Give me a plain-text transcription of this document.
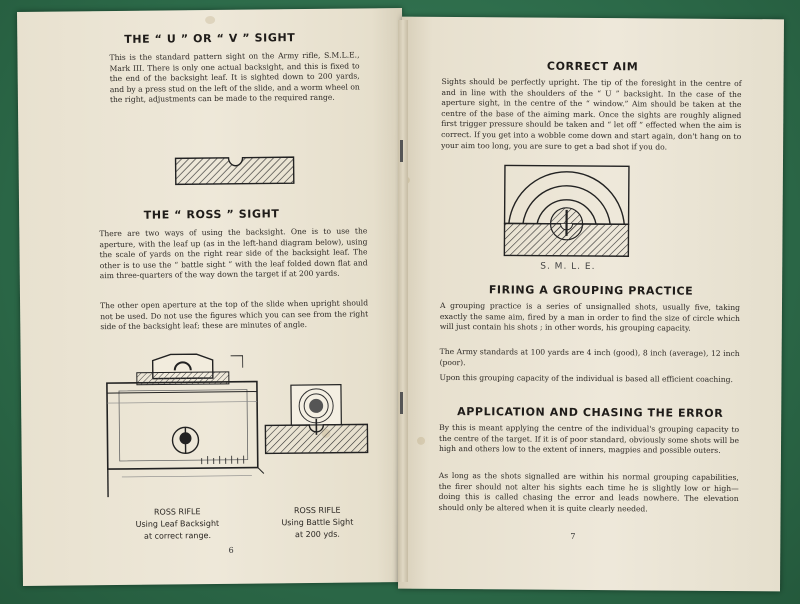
THE “ U ” OR “ V ” SIGHT

This is the standard pattern sight on the Army rifle, S.M.L.E., Mark III. There is only one actual backsight, and this is fixed to the end of the backsight leaf. It is sighted down to 200 yards, and by a press stud on the left of the slide, and a worm wheel on the right, adjustments can be made to the required range.

THE “ ROSS ” SIGHT

There are two ways of using the backsight. One is to use the aperture, with the leaf up (as in the left-hand diagram below), using the scale of yards on the right rear side of the backsight leaf. The other is to use the “ battle sight ” with the leaf folded down flat and aim three-quarters of the way down the target if at 200 yards.

The other open aperture at the top of the slide when upright should not be used. Do not use the figures which you can see from the right side of the backsight leaf; these are minutes of angle.

ROSS RIFLE
Using Leaf Backsight
at correct range.
ROSS RIFLE
Using Battle Sight
at 200 yds.
6
CORRECT AIM

Sights should be perfectly upright. The tip of the foresight in the centre of and in line with the shoulders of the “ U ” backsight. In the case of the aperture sight, in the centre of the “ window.” Aim should be taken at the centre of the base of the aiming mark. Once the sights are roughly aligned first trigger pressure should be taken and “ let off ” effected when the aim is correct. If you get into a wobble come down and start again, don't hang on to your aim too long, you are sure to get a bad shot if you do.

S. M. L. E.
FIRING A GROUPING PRACTICE

A grouping practice is a series of unsignalled shots, usually five, taking exactly the same aim, fired by a man in order to find the size of circle which will just contain his shots ; in other words, his grouping capacity.

The Army standards at 100 yards are 4 inch (good), 8 inch (average), 12 inch (poor).

Upon this grouping capacity of the individual is based all efficient coaching.

APPLICATION AND CHASING THE ERROR

By this is meant applying the centre of the individual's grouping capacity to the centre of the target. If it is of poor standard, obviously some shots will be high and others low to the extent of inners, magpies and possible outers.

As long as the shots signalled are within his normal grouping capabilities, the firer should not alter his sights each time he is slightly low or high—doing this is called chasing the error and leads nowhere. The elevation should only be altered when it is quite clearly needed.

7
